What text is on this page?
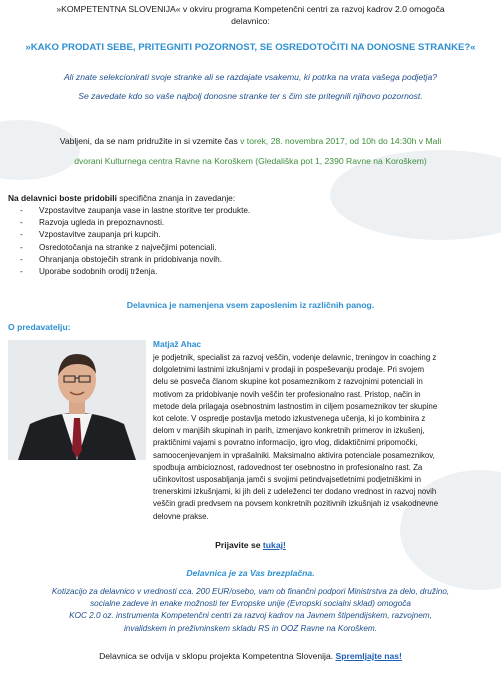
»KOMPETENTNA SLOVENIJA« v okviru programa Kompetenčni centri za razvoj kadrov 2.0 omogoča
delavnico:
»KAKO PRODATI SEBE, PRITEGNITI POZORNOST, SE OSREDOTOČITI NA DONOSNE STRANKE?«
Ali znate selekcionirati svoje stranke ali se razdajate vsakemu, ki potrka na vrata vašega podjetja?
Se zavedate kdo so vaše najbolj donosne stranke ter s čim ste pritegnili njihovo pozornost.
Vabljeni, da se nam pridružite in si vzemite čas v torek, 28. novembra 2017, od 10h do 14:30h v Mali
dvorani Kulturnega centra Ravne na Koroškem (Gledališka pot 1, 2390 Ravne na Koroškem)
Na delavnici boste pridobili specifična znanja in zavedanje:
- Vzpostavitve zaupanja vase in lastne storitve ter produkte.
- Razvoja ugleda in prepoznavnosti.
- Vzpostavitve zaupanja pri kupcih.
- Osredotočanja na stranke z največjimi potenciali.
- Ohranjanja obstoječih strank in pridobivanja novih.
- Uporabe sodobnih orodij trženja.
Delavnica je namenjena vsem zaposlenim iz različnih panog.
O predavatelju:
Matjaž Ahac
je podjetnik, specialist za razvoj veščin, vodenje delavnic, treningov in coaching z
dolgoletnimi lastnimi izkušnjami v prodaji in pospeševanju prodaje. Pri svojem
delu se posveča članom skupine kot posameznikom z razvojnimi potenciali in
motivom za pridobivanje novih veščin ter profesionalno rast. Pristop, način in
metode dela prilagaja osebnostnim lastnostim in ciljem posameznikov ter skupine
kot celote. V ospredje postavlja metodo izkustvenega učenja, ki jo kombinira z
delom v manjših skupinah in parih, izmenjavo konkretnih primerov in izkušenj,
praktičnimi vajami s povratno informacijo, igro vlog, didaktičnimi pripomočki,
samoocenjevanjem in vprašalniki. Maksimalno aktivira potenciale posameznikov,
spodbuja ambicioznost, radovednost ter osebnostno in profesionalno rast. Za
učinkovitost usposabljanja jamči s svojimi petindvajsetletnimi podjetniškimi in
trenerskimi izkušnjami, ki jih deli z udeleženci ter dodano vrednost in razvoj novih
veščin gradi predvsem na povsem konkretnih pozitivnih izkušnjah iz vsakodnevne
delovne prakse.
Prijavite se tukaj!
Delavnica je za Vas brezplačna.
Kotizacijo za delavnico v vrednosti cca. 200 EUR/osebo, vam ob finančni podpori Ministrstva za delo, družino,
socialne zadeve in enake možnosti ter Evropske unije (Evropski socialni sklad) omogoča
KOC 2.0 oz. instrumenta Kompetenčni centri za razvoj kadrov na Javnem štipendijskem, razvojnem,
invalidskem in preživninskem skladu RS in OOZ Ravne na Koroškem.
Delavnica se odvija v sklopu projekta Kompetentna Slovenija. Spremljajte nas!
